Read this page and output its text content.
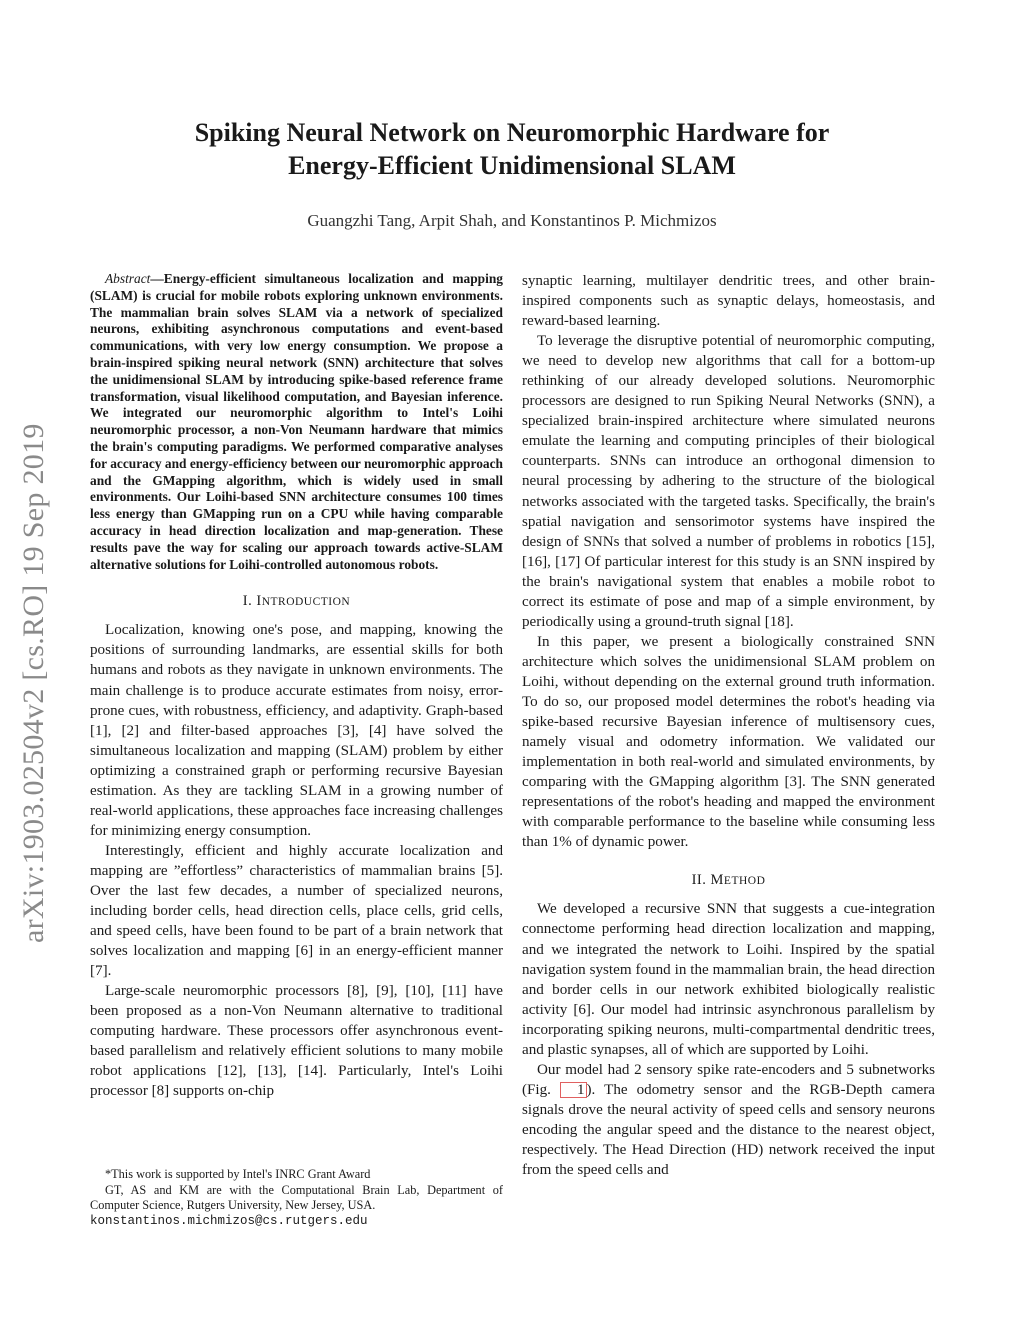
arXiv:1903.02504v2 [cs.RO] 19 Sep 2019
Spiking Neural Network on Neuromorphic Hardware for
Energy-Efficient Unidimensional SLAM
Guangzhi Tang, Arpit Shah, and Konstantinos P. Michmizos
Abstract—Energy-efficient simultaneous localization and mapping (SLAM) is crucial for mobile robots exploring unknown environments. The mammalian brain solves SLAM via a network of specialized neurons, exhibiting asynchronous computations and event-based communications, with very low energy consumption. We propose a brain-inspired spiking neural network (SNN) architecture that solves the unidimensional SLAM by introducing spike-based reference frame transformation, visual likelihood computation, and Bayesian inference. We integrated our neuromorphic algorithm to Intel's Loihi neuromorphic processor, a non-Von Neumann hardware that mimics the brain's computing paradigms. We performed comparative analyses for accuracy and energy-efficiency between our neuromorphic approach and the GMapping algorithm, which is widely used in small environments. Our Loihi-based SNN architecture consumes 100 times less energy than GMapping run on a CPU while having comparable accuracy in head direction localization and map-generation. These results pave the way for scaling our approach towards active-SLAM alternative solutions for Loihi-controlled autonomous robots.
I. INTRODUCTION

Localization, knowing one's pose, and mapping, knowing the positions of surrounding landmarks, are essential skills for both humans and robots as they navigate in unknown environments. The main challenge is to produce accurate estimates from noisy, error-prone cues, with robustness, efficiency, and adaptivity. Graph-based [1], [2] and filter-based approaches [3], [4] have solved the simultaneous localization and mapping (SLAM) problem by either optimizing a constrained graph or performing recursive Bayesian estimation. As they are tackling SLAM in a growing number of real-world applications, these approaches face increasing challenges for minimizing energy consumption.

Interestingly, efficient and highly accurate localization and mapping are ”effortless” characteristics of mammalian brains [5]. Over the last few decades, a number of specialized neurons, including border cells, head direction cells, place cells, grid cells, and speed cells, have been found to be part of a brain network that solves localization and mapping [6] in an energy-efficient manner [7].

Large-scale neuromorphic processors [8], [9], [10], [11] have been proposed as a non-Von Neumann alternative to traditional computing hardware. These processors offer asynchronous event-based parallelism and relatively efficient solutions to many mobile robot applications [12], [13], [14]. Particularly, Intel's Loihi processor [8] supports on-chip

*This work is supported by Intel's INRC Grant Award

GT, AS and KM are with the Computational Brain Lab, Department of Computer Science, Rutgers University, New Jersey, USA.

konstantinos.michmizos@cs.rutgers.edu

synaptic learning, multilayer dendritic trees, and other brain-inspired components such as synaptic delays, homeostasis, and reward-based learning.

To leverage the disruptive potential of neuromorphic computing, we need to develop new algorithms that call for a bottom-up rethinking of our already developed solutions. Neuromorphic processors are designed to run Spiking Neural Networks (SNN), a specialized brain-inspired architecture where simulated neurons emulate the learning and computing principles of their biological counterparts. SNNs can introduce an orthogonal dimension to neural processing by adhering to the structure of the biological networks associated with the targeted tasks. Specifically, the brain's spatial navigation and sensorimotor systems have inspired the design of SNNs that solved a number of problems in robotics [15], [16], [17] Of particular interest for this study is an SNN inspired by the brain's navigational system that enables a mobile robot to correct its estimate of pose and map of a simple environment, by periodically using a ground-truth signal [18].

In this paper, we present a biologically constrained SNN architecture which solves the unidimensional SLAM problem on Loihi, without depending on the external ground truth information. To do so, our proposed model determines the robot's heading via spike-based recursive Bayesian inference of multisensory cues, namely visual and odometry information. We validated our implementation in both real-world and simulated environments, by comparing with the GMapping algorithm [3]. The SNN generated representations of the robot's heading and mapped the environment with comparable performance to the baseline while consuming less than 1% of dynamic power.

II. METHOD

We developed a recursive SNN that suggests a cue-integration connectome performing head direction localization and mapping, and we integrated the network to Loihi. Inspired by the spatial navigation system found in the mammalian brain, the head direction and border cells in our network exhibited biologically realistic activity [6]. Our model had intrinsic asynchronous parallelism by incorporating spiking neurons, multi-compartmental dendritic trees, and plastic synapses, all of which are supported by Loihi.

Our model had 2 sensory spike rate-encoders and 5 subnetworks (Fig. 1 ). The odometry sensor and the RGB-Depth camera signals drove the neural activity of speed cells and sensory neurons encoding the angular speed and the distance to the nearest object, respectively. The Head Direction (HD) network received the input from the speed cells and
